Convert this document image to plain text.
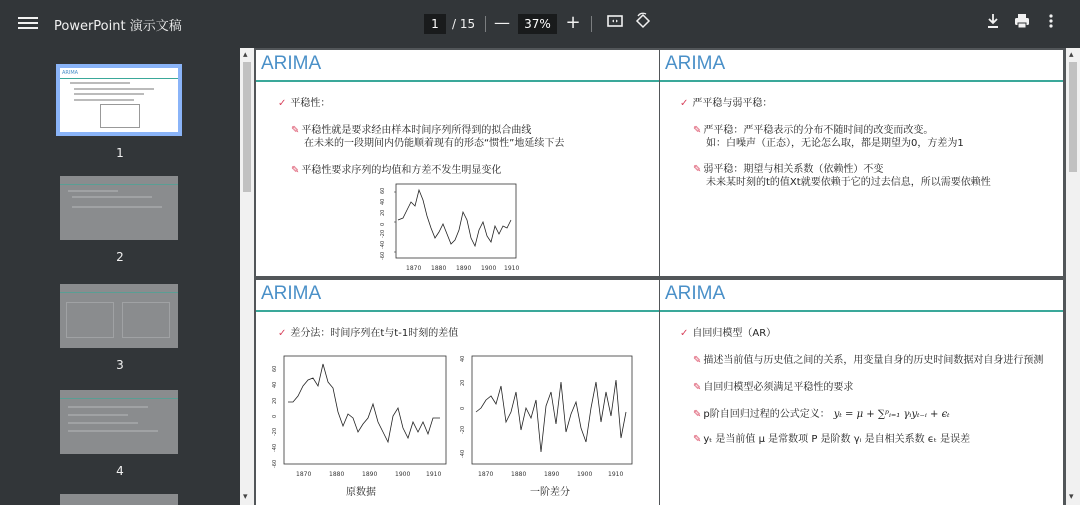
PowerPoint 演示文稿	1	/ 15 —	37% +
ARIMA
1
2
3
4
▴
▾
ARIMA
✓ 平稳性：
✎ 平稳性就是要求经由样本时间序列所得到的拟合曲线
在未来的一段期间内仍能顺着现有的形态“惯性”地延续下去
✎ 平稳性要求序列的均值和方差不发生明显变化
1870 1880 1890 1900 1910
60
40
20
0
-20
-40
-60
ARIMA
✓ 严平稳与弱平稳：
✎ 严平稳：严平稳表示的分布不随时间的改变而改变。
如：白噪声（正态），无论怎么取，都是期望为0，方差为1
✎ 弱平稳：期望与相关系数（依赖性）不变
未来某时刻的t的值Xt就要依赖于它的过去信息，所以需要依赖性
ARIMA
✓ 差分法：时间序列在t与t-1时刻的差值
60
40
20
0
-20
-40
-60
1870	1880	1890	1900	1910
原数据
40
20
0
-20
-40
1870	1880	1890	1900	1910
一阶差分
ARIMA
✓ 自回归模型（AR）
✎ 描述当前值与历史值之间的关系，用变量自身的历史时间数据对自身进行预测
✎ 自回归模型必须满足平稳性的要求
✎ p阶自回归过程的公式定义： yₜ = μ + ∑ᵖᵢ₌₁ γᵢyₜ₋ᵢ + ϵₜ
✎ yₜ 是当前值 μ 是常数项 P 是阶数 γᵢ 是自相关系数 ϵₜ 是误差
▴
▾
